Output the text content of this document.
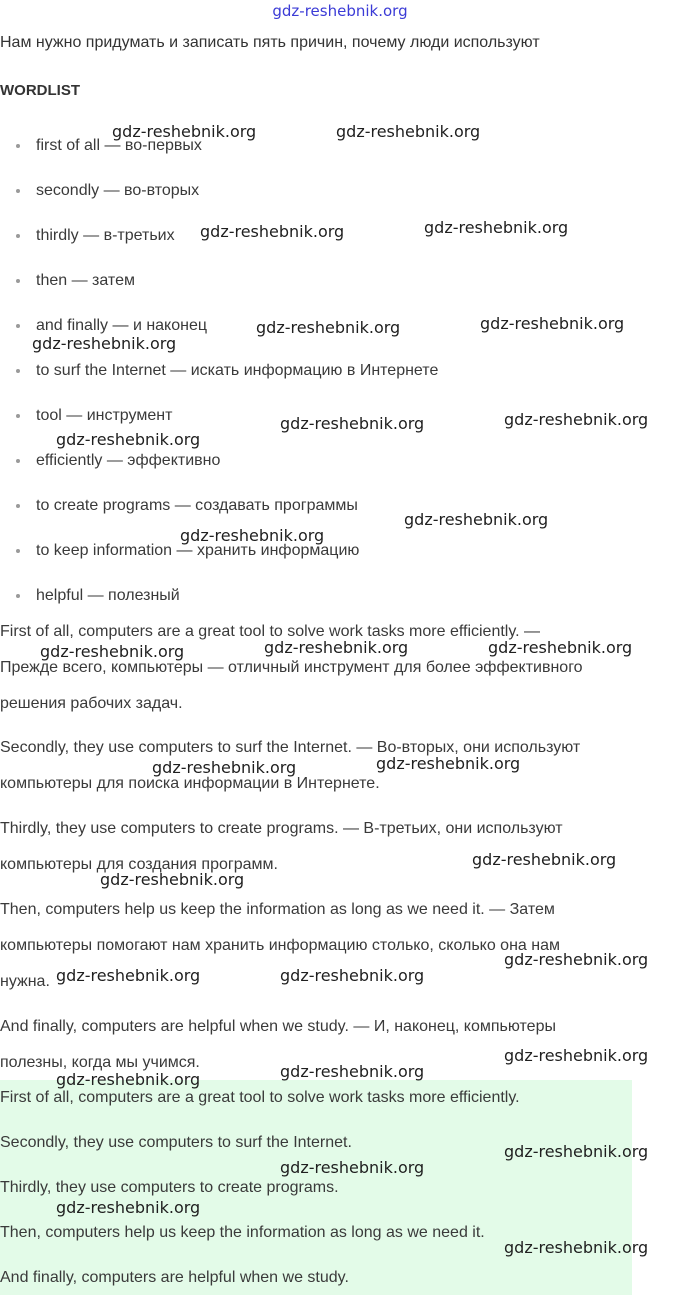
gdz-reshebnik.org
Нам нужно придумать и записать пять причин, почему люди используют
WORDLIST
first of all — во-первых
secondly — во-вторых
thirdly — в-третьих
then — затем
and finally — и наконец
to surf the Internet — искать информацию в Интернете
tool — инструмент
efficiently — эффективно
to create programs — создавать программы
to keep information — хранить информацию
helpful — полезный
First of all, computers are a great tool to solve work tasks more efficiently. —
Прежде всего, компьютеры — отличный инструмент для более эффективного
решения рабочих задач.
Secondly, they use computers to surf the Internet. — Во-вторых, они используют
компьютеры для поиска информации в Интернете.
Thirdly, they use computers to create programs. — В-третьих, они используют
компьютеры для создания программ.
Then, computers help us keep the information as long as we need it. — Затем
компьютеры помогают нам хранить информацию столько, сколько она нам
нужна.
And finally, computers are helpful when we study. — И, наконец, компьютеры
полезны, когда мы учимся.
First of all, computers are a great tool to solve work tasks more efficiently.
Secondly, they use computers to surf the Internet.
Thirdly, they use computers to create programs.
Then, computers help us keep the information as long as we need it.
And finally, computers are helpful when we study.
gdz-reshebnik.org	gdz-reshebnik.org
gdz-reshebnik.org	gdz-reshebnik.org
gdz-reshebnik.org	gdz-reshebnik.org
gdz-reshebnik.org
gdz-reshebnik.org	gdz-reshebnik.org
gdz-reshebnik.org
gdz-reshebnik.org
gdz-reshebnik.org
gdz-reshebnik.org	gdz-reshebnik.org	gdz-reshebnik.org
gdz-reshebnik.org	gdz-reshebnik.org
gdz-reshebnik.org
gdz-reshebnik.org
gdz-reshebnik.org
gdz-reshebnik.org	gdz-reshebnik.org
gdz-reshebnik.org
gdz-reshebnik.org
gdz-reshebnik.org
gdz-reshebnik.org
gdz-reshebnik.org
gdz-reshebnik.org
gdz-reshebnik.org
